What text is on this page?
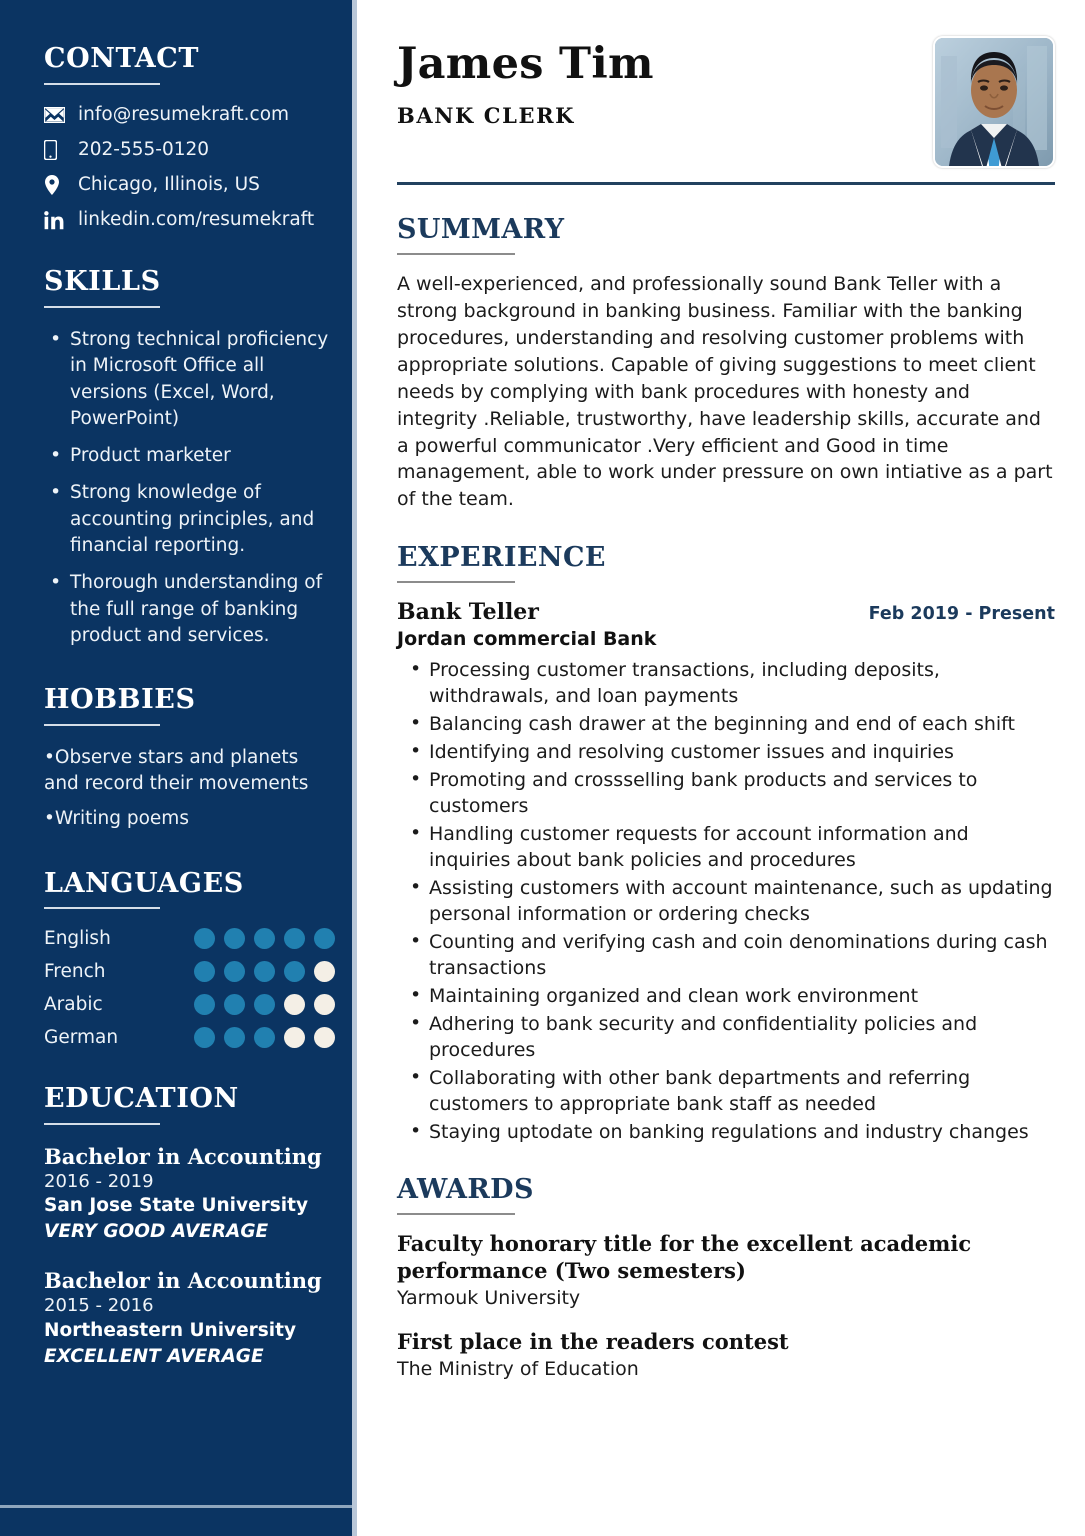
CONTACT
info@resumekraft.com
202-555-0120
Chicago, Illinois, US
linkedin.com/resumekraft
SKILLS
• Strong technical proficiency in Microsoft Office all versions (Excel, Word, PowerPoint)
• Product marketer
• Strong knowledge of accounting principles, and financial reporting.
• Thorough understanding of the full range of banking product and services.
HOBBIES

•Observe stars and planets and record their movements

•Writing poems

LANGUAGES
English
French
Arabic
German
EDUCATION
Bachelor in Accounting
2016 - 2019
San Jose State University
VERY GOOD AVERAGE
Bachelor in Accounting
2015 - 2016
Northeastern University
EXCELLENT AVERAGE
James Tim
BANK CLERK
SUMMARY

A well-experienced, and professionally sound Bank Teller with a strong background in banking business. Familiar with the banking procedures, understanding and resolving customer problems with appropriate solutions. Capable of giving suggestions to meet client needs by complying with bank procedures with honesty and integrity .Reliable, trustworthy, have leadership skills, accurate and a powerful communicator .Very efficient and Good in time management, able to work under pressure on own intiative as a part of the team.

EXPERIENCE
Bank Teller	Feb 2019 - Present
Jordan commercial Bank
• Processing customer transactions, including deposits, withdrawals, and loan payments
• Balancing cash drawer at the beginning and end of each shift
• Identifying and resolving customer issues and inquiries
• Promoting and crossselling bank products and services to customers
• Handling customer requests for account information and inquiries about bank policies and procedures
• Assisting customers with account maintenance, such as updating personal information or ordering checks
• Counting and verifying cash and coin denominations during cash transactions
• Maintaining organized and clean work environment
• Adhering to bank security and confidentiality policies and procedures
• Collaborating with other bank departments and referring customers to appropriate bank staff as needed
• Staying uptodate on banking regulations and industry changes
AWARDS
Faculty honorary title for the excellent academic performance (Two semesters)
Yarmouk University
First place in the readers contest
The Ministry of Education
